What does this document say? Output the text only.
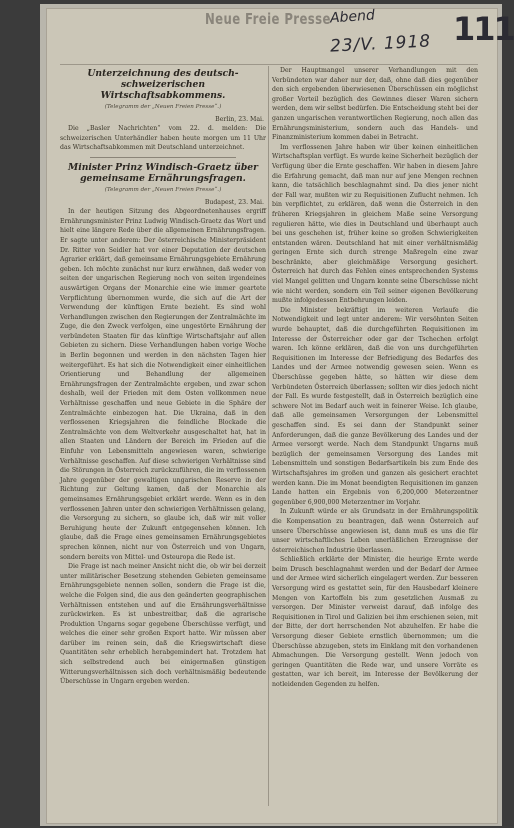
Neue Freie Presse
Abend
23/V. 1918 111
Unterzeichnung des deutsch-schweizerischen Wirtschaftsabkommens.
(Telegramm der „Neuen Freien Presse“.)
Berlin, 23. Mai.

Die „Basler Nachrichten“ vom 22. d. melden: Die schweizerischen Unterhändler haben heute morgen um 11 Uhr das Wirtschaftsabkommen mit Deutschland unterzeichnet.

Minister Prinz Windisch-Graetz über gemeinsame Ernährungsfragen.
(Telegramm der „Neuen Freien Presse“.)
Budapest, 23. Mai.

In der heutigen Sitzung des Abgeordnetenhauses ergriff Ernährungsminister Prinz Ludwig Windisch-Graetz das Wort und hielt eine längere Rede über die allgemeinen Ernährungsfragen. Er sagte unter anderem: Der österreichische Ministerpräsident Dr. Ritter von Seidler hat vor einer Deputation der deutschen Agrarier erklärt, daß gemeinsame Ernährungsgebiete Ernährung geben. Ich möchte zunächst nur kurz erwähnen, daß weder von seiten der ungarischen Regierung noch von seiten irgendeines auswärtigen Organs der Monarchie eine wie immer geartete Verpflichtung übernommen wurde, die sich auf die Art der Verwendung der künftigen Ernte bezieht. Es sind wohl Verhandlungen zwischen den Regierungen der Zentralmächte im Zuge, die den Zweck verfolgen, eine ungestörte Ernährung der verbündeten Staaten für das künftige Wirtschaftsjahr auf allen Gebieten zu sichern. Diese Verhandlungen haben vorige Woche in Berlin begonnen und werden in den nächsten Tagen hier weitergeführt. Es hat sich die Notwendigkeit einer einheitlichen Orientierung und Behandlung der allgemeinen Ernährungsfragen der Zentralmächte ergeben, und zwar schon deshalb, weil der Frieden mit dem Osten vollkommen neue Verhältnisse geschaffen und neue Gebiete in die Sphäre der Zentralmächte einbezogen hat. Die Ukraina, daß in den verflossenen Kriegsjahren die feindliche Blockade die Zentralmächte von dem Weltverkehr ausgeschaltet hat, hat in allen Staaten und Ländern der Bereich im Frieden auf die Einfuhr von Lebensmitteln angewiesen waren, schwierige Verhältnisse geschaffen. Auf diese schwierigen Verhältnisse sind die Störungen in Österreich zurückzuführen, die im verflossenen Jahre gegenüber der gewaltigen ungarischen Reserve in der Richtung zur Geltung kamen, daß der Monarchie als gemeinsames Ernährungsgebiet erklärt werde. Wenn es in den verflossenen Jahren unter den schwierigen Verhältnissen gelang, die Versorgung zu sichern, so glaube ich, daß wir mit voller Beruhigung heute der Zukunft entgegensehen können. Ich glaube, daß die Frage eines gemeinsamen Ernährungsgebietes sprechen können, nicht nur von Österreich und von Ungarn, sondern bereits von Mittel- und Osteuropa die Rede ist.

Die Frage ist nach meiner Ansicht nicht die, ob wir bei derzeit unter militärischer Besetzung stehenden Gebieten gemeinsame Ernährungsgebiete nennen sollen, sondern die Frage ist die, welche die Folgen sind, die aus den geänderten geographischen Verhältnissen entstehen und auf die Ernährungsverhältnisse zurückwirken. Es ist unbestreitbar, daß die agrarische Produktion Ungarns sogar gegebene Überschüsse verfügt, und welches die einer sehr großen Export hatte. Wir müssen aber darüber im reinen sein, daß die Kriegswirtschaft diese Quantitäten sehr erheblich herabgemindert hat. Trotzdem hat sich selbstredend auch bei einigermaßen günstigen Witterungsverhältnissen sich doch verhältnismäßig bedeutende Überschüsse in Ungarn ergeben werden.

Der Hauptmangel unserer Verhandlungen mit den Verbündeten war daher nur der, daß, ohne daß dies gegenüber den sich ergebenden überwiesenen Überschüssen ein möglichst großer Vorteil bezüglich des Gewinnes dieser Waren sichern werden, dem wir selbst bedürfen. Die Entscheidung steht bei der ganzen ungarischen verantwortlichen Regierung, noch allen das Ernährungsministerium, sondern auch das Handels- und Finanzministerium kommen dabei in Betracht.

Im verflossenen Jahre haben wir über keinen einheitlichen Wirtschaftsplan verfügt. Es wurde keine Sicherheit bezüglich der Verfügung über die Ernte geschaffen. Wir haben in diesem Jahre die Erfahrung gemacht, daß man nur auf jene Mengen rechnen kann, die tatsächlich beschlagnahmt sind. Da dies jener nicht der Fall war, mußten wir zu Requisitionen Zuflucht nehmen. Ich bin verpflichtet, zu erklären, daß wenn die Österreich in den früheren Kriegsjahren in gleichem Maße seine Versorgung regulieren hätte, wie dies in Deutschland und überhaupt auch bei uns geschehen ist, früher keine so großen Schwierigkeiten entstanden wären. Deutschland hat mit einer verhältnismäßig geringen Ernte sich durch strenge Maßregeln eine zwar beschränkte, aber gleichmäßige Versorgung gesichert. Österreich hat durch das Fehlen eines entsprechenden Systems viel Mangel gelitten und Ungarn konnte seine Überschüsse nicht wie nicht werden, sondern ein Teil seiner eigenen Bevölkerung mußte infolgedessen Entbehrungen leiden.

Die Minister bekräftigt im weiteren Verlaufe die Notwendigkeit und legt unter anderem: Wir versöhnten Seiten wurde behauptet, daß die durchgeführten Requisitionen im Interesse der Österreicher oder gar der Tschechen erfolgt waren. Ich könne erklären, daß die von uns durchgeführten Requisitionen im Interesse der Befriedigung des Bedarfes des Landes und der Armee notwendig gewesen seien. Wenn es Überschüsse gegeben hätte, so hätten wir diese dem Verbündeten Österreich überlassen; sollten wir dies jedoch nicht der Fall. Es wurde festgestellt, daß in Österreich bezüglich eine schwere Not im Bedarf auch weit in feinerer Weise. Ich glaube, daß alle gemeinsamen Versorgungen der Lebensmittel geschaffen sind. Es sei dann der Standpunkt seiner Anforderungen, daß die ganze Bevölkerung des Landes und der Armee versorgt werde. Nach dem Standpunkt Ungarns muß bezüglich der gemeinsamen Versorgung des Landes mit Lebensmitteln und sonstigen Bedarfsartikeln bis zum Ende des Wirtschaftsjahres im großen und ganzen als gesichert erachtet werden kann. Die im Monat beendigten Requisitionen im ganzen Lande hatten ein Ergebnis von 6,200,000 Meterzentner gegenüber 6,900,000 Meterzentner im Vorjahr.

In Zukunft würde er als Grundsatz in der Ernährungspolitik die Kompensation zu beantragen, daß wenn Österreich auf unsere Überschüsse angewiesen ist, dann muß es uns die für unser wirtschaftliches Leben unerläßlichen Erzeugnisse der österreichischen Industrie überlassen.

Schließlich erklärte der Minister, die heurige Ernte werde beim Drusch beschlagnahmt werden und der Bedarf der Armee und der Armee wird sicherlich eingelagert werden. Zur besseren Versorgung wird es gestattet sein, für den Hausbedarf kleinere Mengen von Kartoffeln bis zum gesetzlichen Ausmaß zu versorgen. Der Minister verweist darauf, daß infolge des Requisitionen in Tirol und Galizien bei ihm erschienen seien, mit der Bitte, der dort herrschenden Not abzuhelfen. Er habe die Versorgung dieser Gebiete ernstlich übernommen; um die Überschüsse abzugeben, stets im Einklang mit den vorhandenen Abmachungen. Die Versorgung gestellt. Wenn jedoch von geringen Quantitäten die Rede war, und unsere Vorräte es gestatten, war ich bereit, im Interesse der Bevölkerung der notleidenden Gegenden zu helfen.
